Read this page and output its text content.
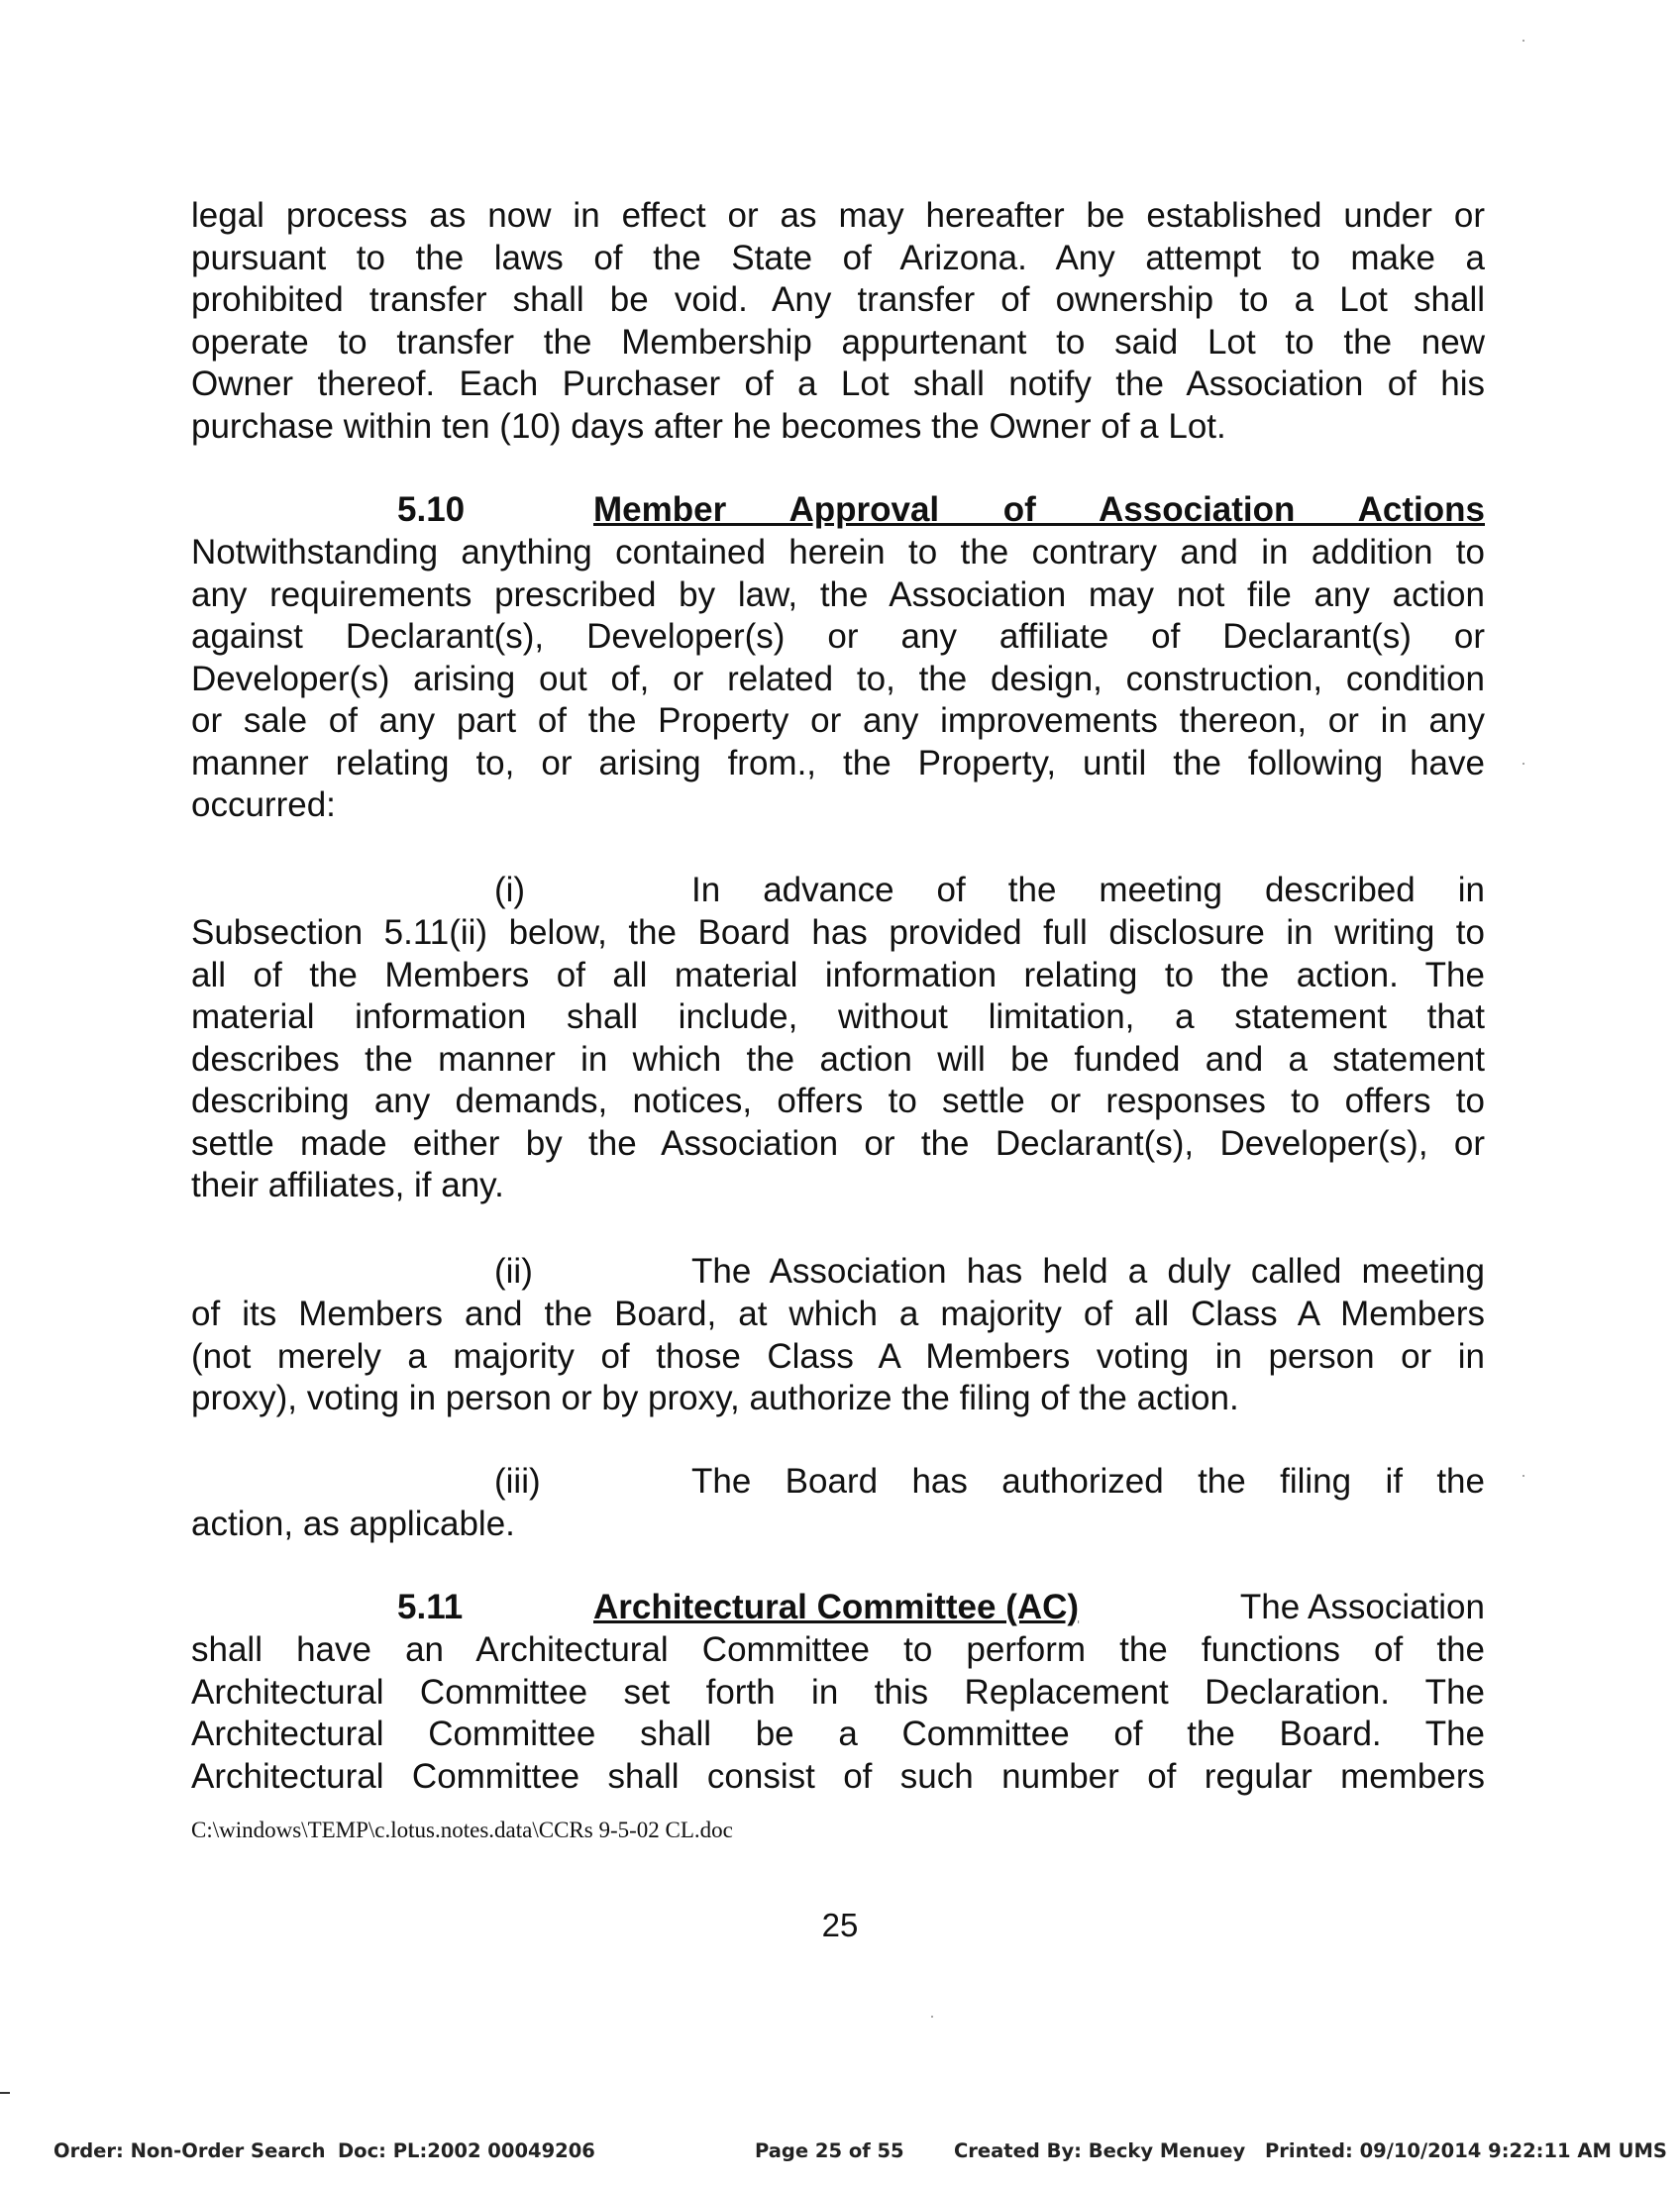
legal process as now in effect or as may hereafter be established under or
pursuant to the laws of the State of Arizona. Any attempt to make a
prohibited transfer shall be void. Any transfer of ownership to a Lot shall
operate to transfer the Membership appurtenant to said Lot to the new
Owner thereof. Each Purchaser of a Lot shall notify the Association of his
purchase within ten (10) days after he becomes the Owner of a Lot.
5.10	Member Approval of Association Actions
Notwithstanding anything contained herein to the contrary and in addition to
any requirements prescribed by law, the Association may not file any action
against Declarant(s), Developer(s) or any affiliate of Declarant(s) or
Developer(s) arising out of, or related to, the design, construction, condition
or sale of any part of the Property or any improvements thereon, or in any
manner relating to, or arising from., the Property, until the following have
occurred:
(i)	In advance of the meeting described in
Subsection 5.11(ii) below, the Board has provided full disclosure in writing to
all of the Members of all material information relating to the action. The
material information shall include, without limitation, a statement that
describes the manner in which the action will be funded and a statement
describing any demands, notices, offers to settle or responses to offers to
settle made either by the Association or the Declarant(s), Developer(s), or
their affiliates, if any.
(ii)	The Association has held a duly called meeting
of its Members and the Board, at which a majority of all Class A Members
(not merely a majority of those Class A Members voting in person or in
proxy), voting in person or by proxy, authorize the filing of the action.
(iii)	The Board has authorized the filing if the
action, as applicable.
5.11	Architectural Committee (AC)	The Association
shall have an Architectural Committee to perform the functions of the
Architectural Committee set forth in this Replacement Declaration. The
Architectural Committee shall be a Committee of the Board. The
Architectural Committee shall consist of such number of regular members
C:\windows\TEMP\c.lotus.notes.data\CCRs 9-5-02 CL.doc
25
Order: Non-Order Search Doc: PL:2002 00049206	Page 25 of 55	Created By: Becky Menuey Printed: 09/10/2014 9:22:11 AM UMS
